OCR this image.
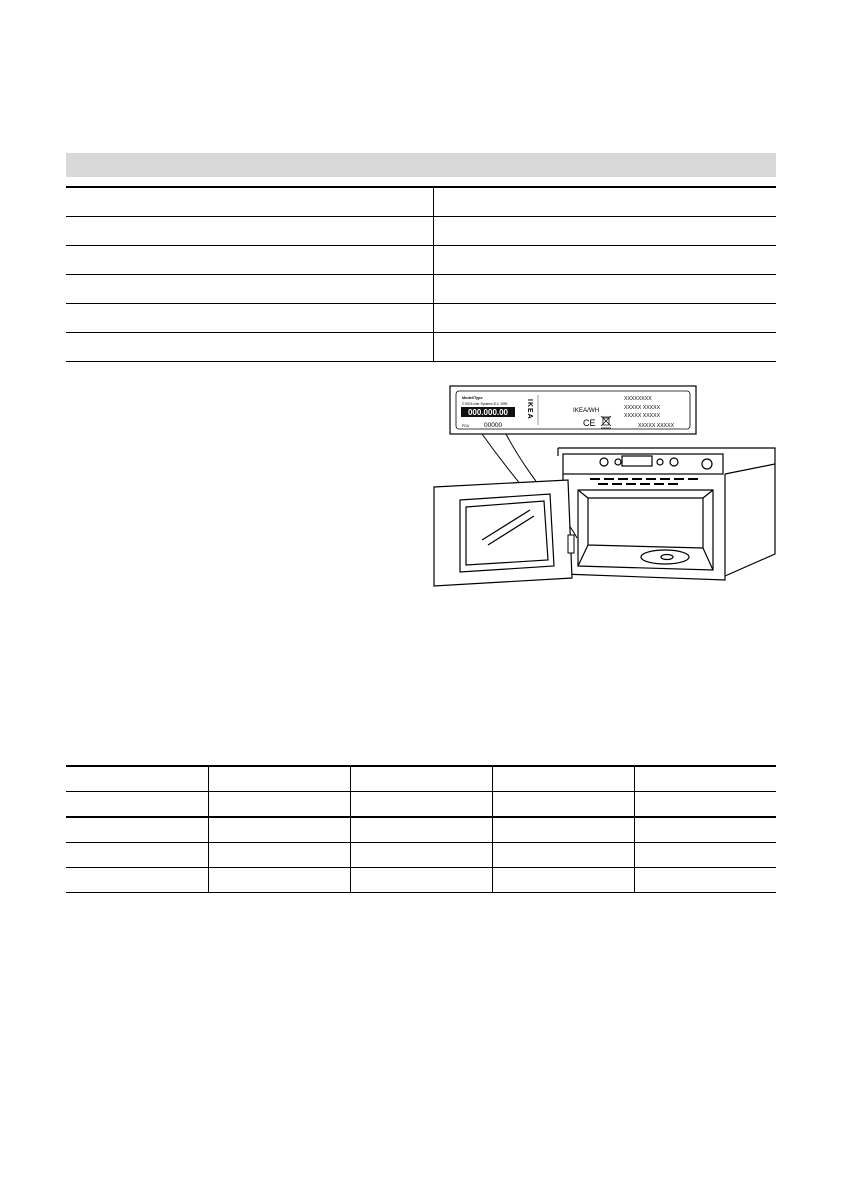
Model/Type
© IKEA Inter Systems B.V. 1999
000.000.00
PDA 00000
IKEA	IKEA/WH
CE
XXXXXXXX
XXXXX XXXXX
XXXXX XXXXX
XXXXX XXXXX
